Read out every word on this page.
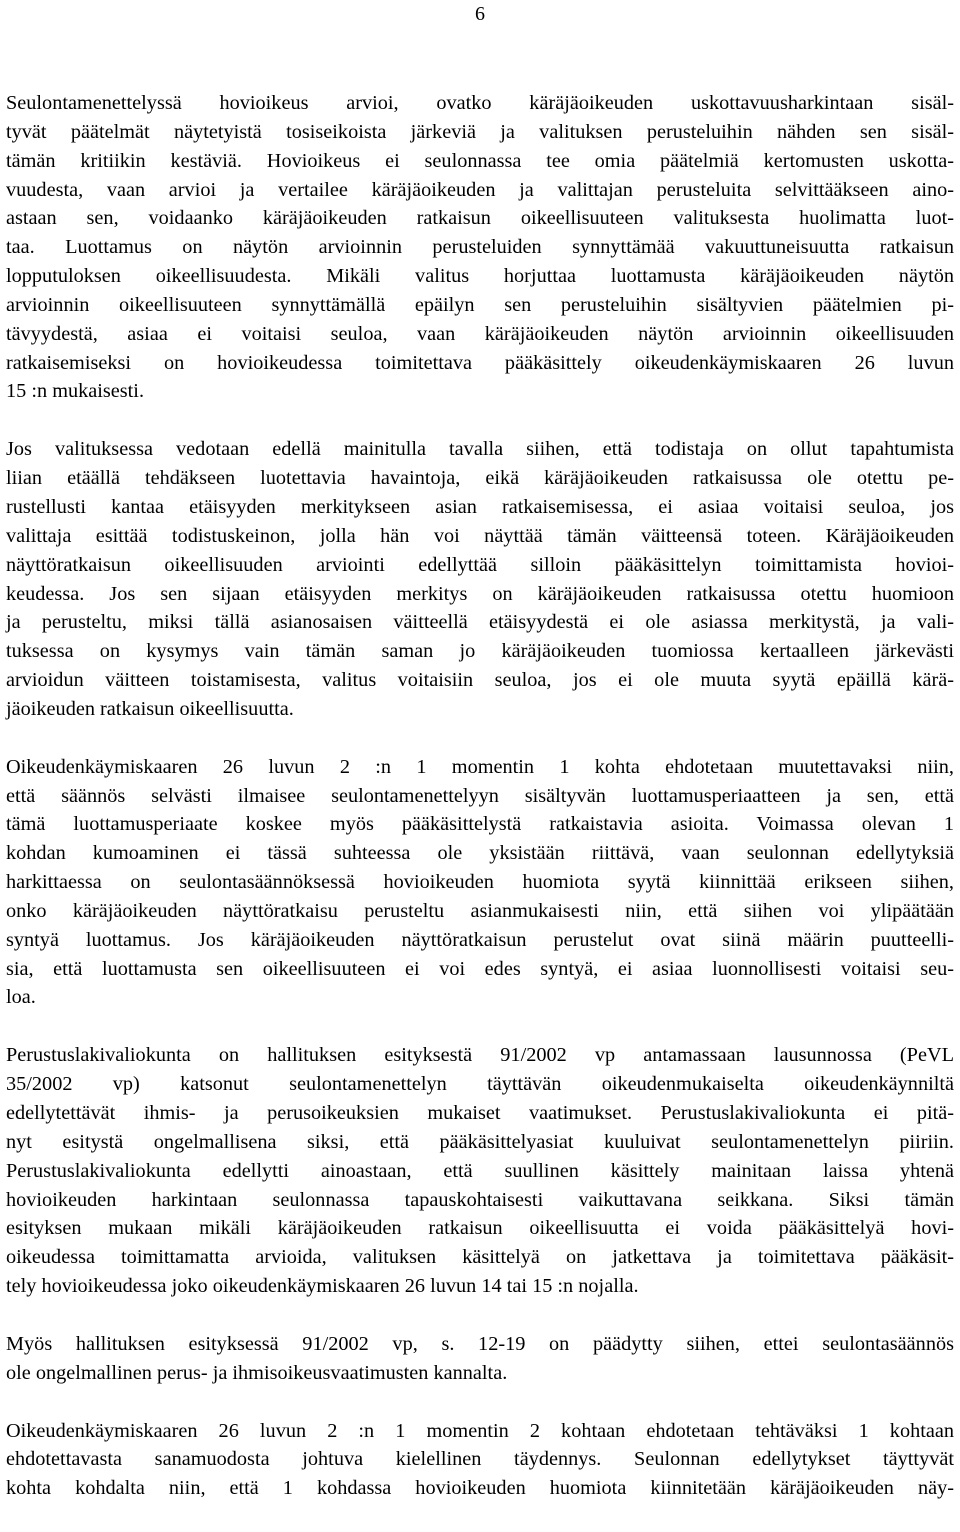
6

Seulontamenettelyssä hovioikeus arvioi, ovatko käräjäoikeuden uskottavuusharkintaan sisäl-
tyvät päätelmät näytetyistä tosiseikoista järkeviä ja valituksen perusteluihin nähden sen sisäl-
tämän kritiikin kestäviä. Hovioikeus ei seulonnassa tee omia päätelmiä kertomusten uskotta-
vuudesta, vaan arvioi ja vertailee käräjäoikeuden ja valittajan perusteluita selvittääkseen aino-
astaan sen, voidaanko käräjäoikeuden ratkaisun oikeellisuuteen valituksesta huolimatta luot-
taa. Luottamus on näytön arvioinnin perusteluiden synnyttämää vakuuttuneisuutta ratkaisun
lopputuloksen oikeellisuudesta. Mikäli valitus horjuttaa luottamusta käräjäoikeuden näytön
arvioinnin oikeellisuuteen synnyttämällä epäilyn sen perusteluihin sisältyvien päätelmien pi-
tävyydestä, asiaa ei voitaisi seuloa, vaan käräjäoikeuden näytön arvioinnin oikeellisuuden
ratkaisemiseksi on hovioikeudessa toimitettava pääkäsittely oikeudenkäymiskaaren 26 luvun
15 :n mukaisesti.

Jos valituksessa vedotaan edellä mainitulla tavalla siihen, että todistaja on ollut tapahtumista
liian etäällä tehdäkseen luotettavia havaintoja, eikä käräjäoikeuden ratkaisussa ole otettu pe-
rustellusti kantaa etäisyyden merkitykseen asian ratkaisemisessa, ei asiaa voitaisi seuloa, jos
valittaja esittää todistuskeinon, jolla hän voi näyttää tämän väitteensä toteen. Käräjäoikeuden
näyttöratkaisun oikeellisuuden arviointi edellyttää silloin pääkäsittelyn toimittamista hovioi-
keudessa. Jos sen sijaan etäisyyden merkitys on käräjäoikeuden ratkaisussa otettu huomioon
ja perusteltu, miksi tällä asianosaisen väitteellä etäisyydestä ei ole asiassa merkitystä, ja vali-
tuksessa on kysymys vain tämän saman jo käräjäoikeuden tuomiossa kertaalleen järkevästi
arvioidun väitteen toistamisesta, valitus voitaisiin seuloa, jos ei ole muuta syytä epäillä kärä-
jäoikeuden ratkaisun oikeellisuutta.

Oikeudenkäymiskaaren 26 luvun 2 :n 1 momentin 1 kohta ehdotetaan muutettavaksi niin,
että säännös selvästi ilmaisee seulontamenettelyyn sisältyvän luottamusperiaatteen ja sen, että
tämä luottamusperiaate koskee myös pääkäsittelystä ratkaistavia asioita. Voimassa olevan 1
kohdan kumoaminen ei tässä suhteessa ole yksistään riittävä, vaan seulonnan edellytyksiä
harkittaessa on seulontasäännöksessä hovioikeuden huomiota syytä kiinnittää erikseen siihen,
onko käräjäoikeuden näyttöratkaisu perusteltu asianmukaisesti niin, että siihen voi ylipäätään
syntyä luottamus. Jos käräjäoikeuden näyttöratkaisun perustelut ovat siinä määrin puutteelli-
sia, että luottamusta sen oikeellisuuteen ei voi edes syntyä, ei asiaa luonnollisesti voitaisi seu-
loa.

Perustuslakivaliokunta on hallituksen esityksestä 91/2002 vp antamassaan lausunnossa (PeVL
35/2002 vp) katsonut seulontamenettelyn täyttävän oikeudenmukaiselta oikeudenkäynniltä
edellytettävät ihmis- ja perusoikeuksien mukaiset vaatimukset. Perustuslakivaliokunta ei pitä-
nyt esitystä ongelmallisena siksi, että pääkäsittelyasiat kuuluivat seulontamenettelyn piiriin.
Perustuslakivaliokunta edellytti ainoastaan, että suullinen käsittely mainitaan laissa yhtenä
hovioikeuden harkintaan seulonnassa tapauskohtaisesti vaikuttavana seikkana. Siksi tämän
esityksen mukaan mikäli käräjäoikeuden ratkaisun oikeellisuutta ei voida pääkäsittelyä hovi-
oikeudessa toimittamatta arvioida, valituksen käsittelyä on jatkettava ja toimitettava pääkäsit-
tely hovioikeudessa joko oikeudenkäymiskaaren 26 luvun 14 tai 15 :n nojalla.

Myös hallituksen esityksessä 91/2002 vp, s. 12-19 on päädytty siihen, ettei seulontasäännös
ole ongelmallinen perus- ja ihmisoikeusvaatimusten kannalta.

Oikeudenkäymiskaaren 26 luvun 2 :n 1 momentin 2 kohtaan ehdotetaan tehtäväksi 1 kohtaan
ehdotettavasta sanamuodosta johtuva kielellinen täydennys. Seulonnan edellytykset täyttyvät
kohta kohdalta niin, että 1 kohdassa hovioikeuden huomiota kiinnitetään käräjäoikeuden näy-
